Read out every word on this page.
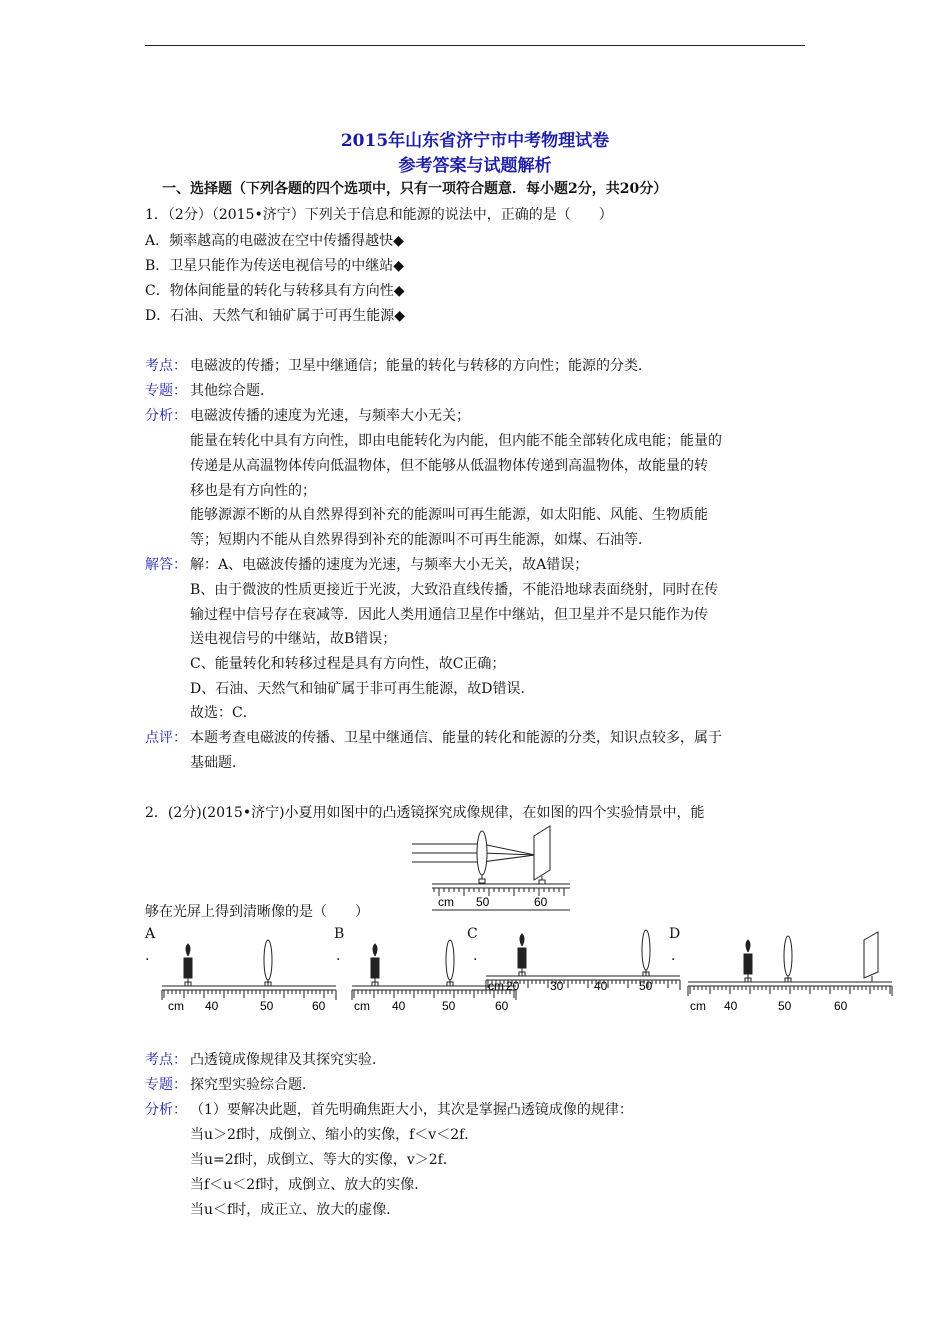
2015年山东省济宁市中考物理试卷
参考答案与试题解析
一、选择题（下列各题的四个选项中，只有一项符合题意．每小题2分，共20分）
1．（2分）（2015•济宁）下列关于信息和能源的说法中，正确的是（　　）
A．频率越高的电磁波在空中传播得越快◆
B．卫星只能作为传送电视信号的中继站◆
C．物体间能量的转化与转移具有方向性◆
D．石油、天然气和铀矿属于可再生能源◆
考点： 电磁波的传播；卫星中继通信；能量的转化与转移的方向性；能源的分类．
专题： 其他综合题．
分析： 电磁波传播的速度为光速，与频率大小无关；
能量在转化中具有方向性，即由电能转化为内能，但内能不能全部转化成电能；能量的
传递是从高温物体传向低温物体，但不能够从低温物体传递到高温物体，故能量的转
移也是有方向性的；
能够源源不断的从自然界得到补充的能源叫可再生能源，如太阳能、风能、生物质能
等；短期内不能从自然界得到补充的能源叫不可再生能源，如煤、石油等．
解答： 解：A、电磁波传播的速度为光速，与频率大小无关，故A错误；
B、由于微波的性质更接近于光波，大致沿直线传播，不能沿地球表面绕射，同时在传
输过程中信号存在衰减等．因此人类用通信卫星作中继站，但卫星并不是只能作为传
送电视信号的中继站，故B错误；
C、能量转化和转移过程是具有方向性，故C正确；
D、石油、天然气和铀矿属于非可再生能源，故D错误．
故选：C．
点评： 本题考查电磁波的传播、卫星中继通信、能量的转化和能源的分类，知识点较多，属于
基础题．
2．(2分)(2015•济宁)小夏用如图中的凸透镜探究成像规律，在如图的四个实验情景中，能
cm 50	60
够在光屏上得到清晰像的是（　　）
A
.
cm 40	50	60
B
.
cm 40	50	60
C
.
cm 20	30	40	50
D
.
cm 40	50	60
考点： 凸透镜成像规律及其探究实验．
专题： 探究型实验综合题．
分析： （1）要解决此题，首先明确焦距大小，其次是掌握凸透镜成像的规律：
当u＞2f时，成倒立、缩小的实像，f＜v＜2f．
当u=2f时，成倒立、等大的实像，v＞2f．
当f＜u＜2f时，成倒立、放大的实像．
当u＜f时，成正立、放大的虚像．
